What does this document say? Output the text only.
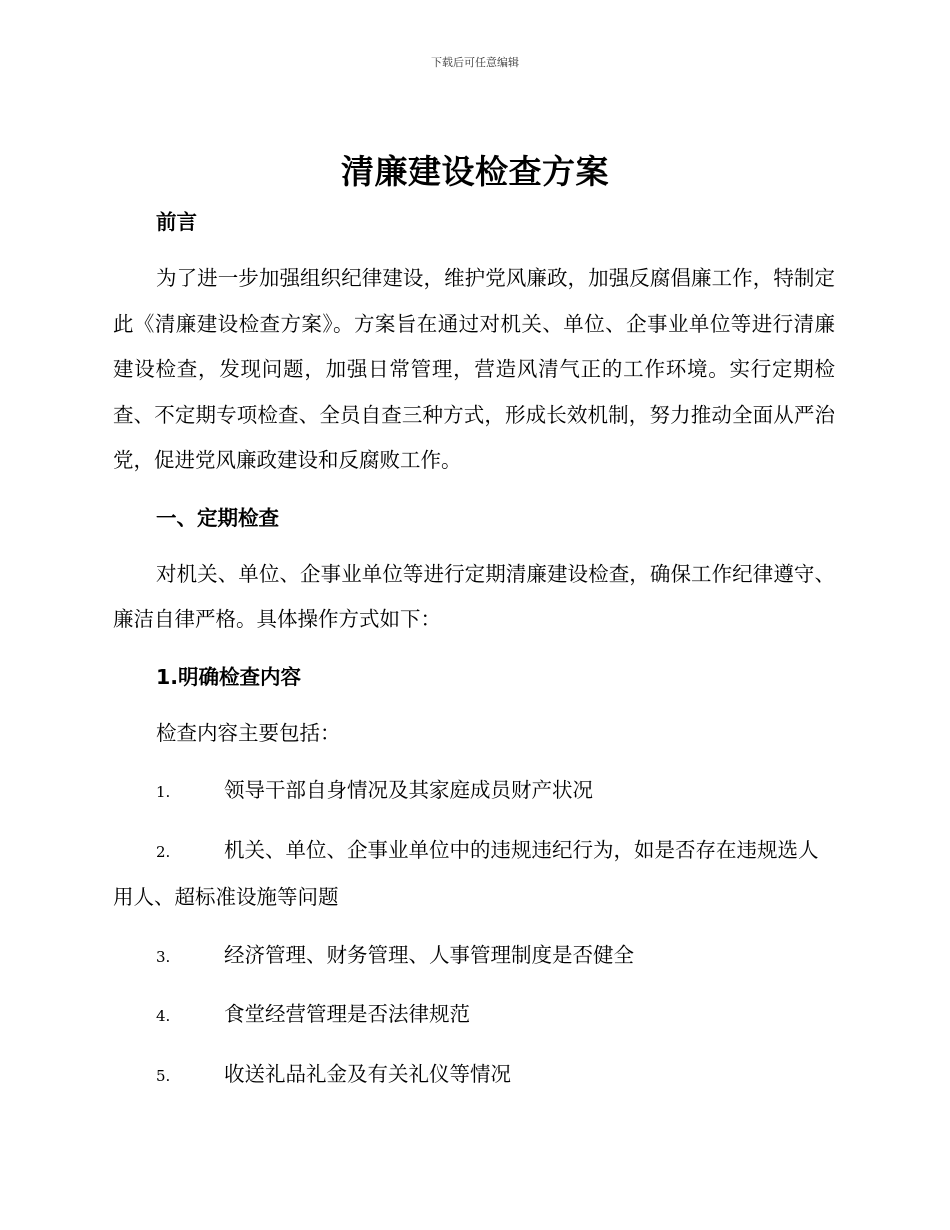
下载后可任意编辑
清廉建设检查方案

前言

为了进一步加强组织纪律建设，维护党风廉政，加强反腐倡廉工作，特制定此《清廉建设检查方案》。方案旨在通过对机关、单位、企事业单位等进行清廉建设检查，发现问题，加强日常管理，营造风清气正的工作环境。实行定期检查、不定期专项检查、全员自查三种方式，形成长效机制，努力推动全面从严治党，促进党风廉政建设和反腐败工作。

一、定期检查

对机关、单位、企事业单位等进行定期清廉建设检查，确保工作纪律遵守、廉洁自律严格。具体操作方式如下：

1.明确检查内容

检查内容主要包括：

1.	领导干部自身情况及其家庭成员财产状况

2.	机关、单位、企事业单位中的违规违纪行为，如是否存在违规选人用人、超标准设施等问题

3.	经济管理、财务管理、人事管理制度是否健全

4.	食堂经营管理是否法律规范

5.	收送礼品礼金及有关礼仪等情况
